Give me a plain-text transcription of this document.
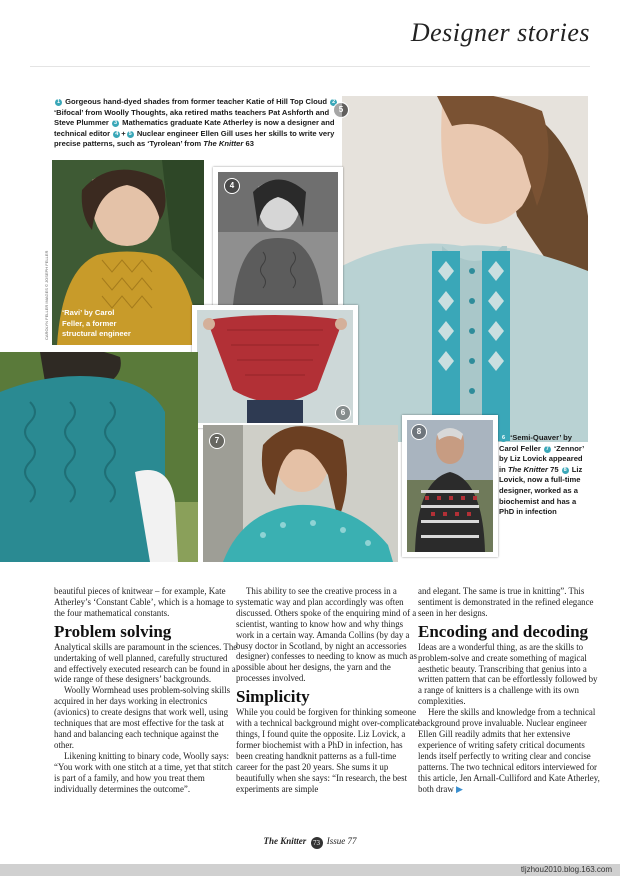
Designer stories
1 Gorgeous hand-dyed shades from former teacher Katie of Hill Top Cloud 2 ‘Bifocal’ from Woolly Thoughts, aka retired maths teachers Pat Ashforth and Steve Plummer 3 Mathematics graduate Kate Atherley is now a designer and technical editor 4 + 5 Nuclear engineer Ellen Gill uses her skills to write very precise patterns, such as ‘Tyrolean’ from The Knitter 63
5
CAROLYN FELLER IMAGES © JOSEPH FELLER ‘Ravi’ by Carol Feller, a former structural engineer
4
6
7
8
6 ‘Semi-Quaver’ by Carol Feller 7 ‘Zennor’ by Liz Lovick appeared in The Knitter 75 8 Liz Lovick, now a full-time designer, worked as a biochemist and has a PhD in infection

beautiful pieces of knitwear – for example, Kate Atherley’s ‘Constant Cable’, which is a homage to the four mathematical constants.

Problem solving

Analytical skills are paramount in the sciences. The undertaking of well planned, carefully structured and effectively executed research can be found in a wide range of these designers’ backgrounds.

Woolly Wormhead uses problem-solving skills acquired in her days working in electronics (avionics) to create designs that work well, using techniques that are most effective for the task at hand and balancing each technique against the other.

Likening knitting to binary code, Woolly says: “You work with one stitch at a time, yet that stitch is part of a family, and how you treat them individually determines the outcome”.

This ability to see the creative process in a systematic way and plan accordingly was often discussed. Others spoke of the enquiring mind of a scientist, wanting to know how and why things work in a certain way. Amanda Collins (by day a busy doctor in Scotland, by night an accessories designer) confesses to needing to know as much as possible about her designs, the yarn and the processes involved.

Simplicity

While you could be forgiven for thinking someone with a technical background might over-complicate things, I found quite the opposite. Liz Lovick, a former biochemist with a PhD in infection, has been creating handknit patterns as a full-time career for the past 20 years. She sums it up beautifully when she says: “In research, the best experiments are simple

and elegant. The same is true in knitting”. This sentiment is demonstrated in the refined elegance seen in her designs.

Encoding and decoding

Ideas are a wonderful thing, as are the skills to problem-solve and create something of magical aesthetic beauty. Transcribing that genius into a written pattern that can be effortlessly followed by a range of knitters is a challenge with its own complexities.

Here the skills and knowledge from a technical background prove invaluable. Nuclear engineer Ellen Gill readily admits that her extensive experience of writing safety critical documents lends itself perfectly to writing clear and concise patterns. The two technical editors interviewed for this article, Jen Arnall-Culliford and Kate Atherley, both draw ▶

The Knitter 73 Issue 77
tljzhou2010.blog.163.com
